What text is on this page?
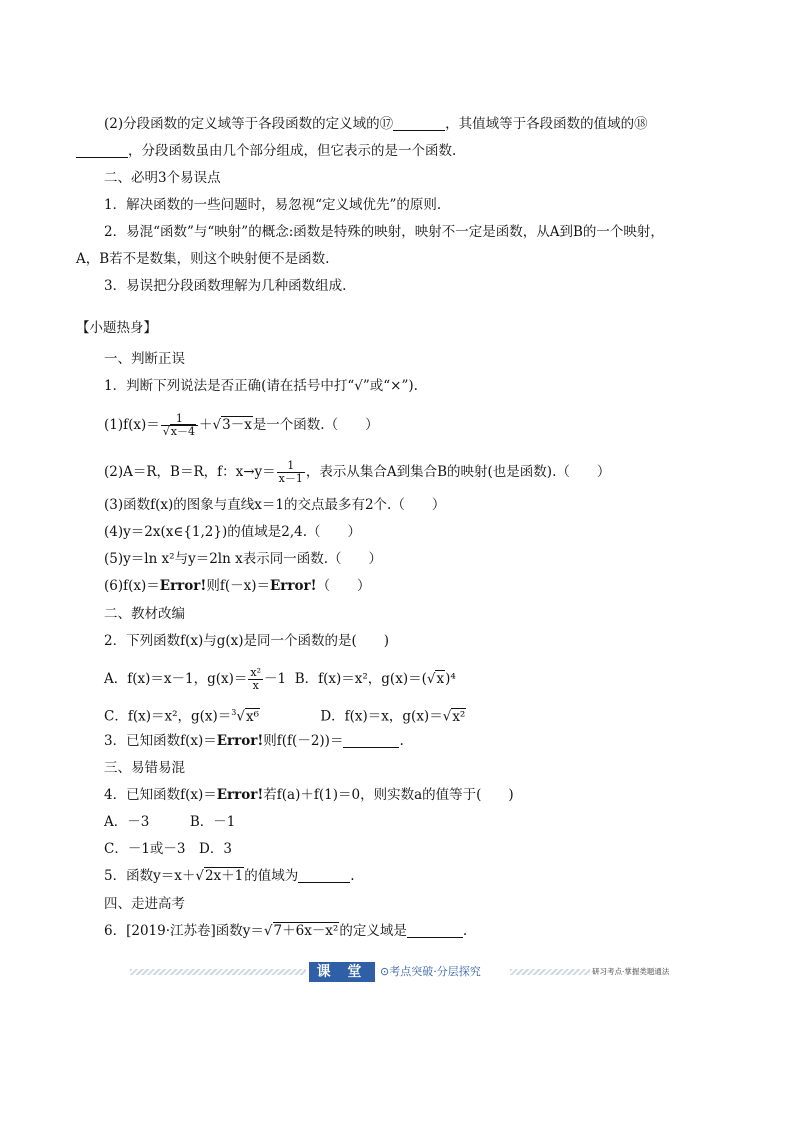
(2)分段函数的定义域等于各段函数的定义域的⑰	，其值域等于各段函数的值域的⑱
，分段函数虽由几个部分组成，但它表示的是一个函数.
二、必明3个易误点
1．解决函数的一些问题时，易忽视“定义域优先”的原则.
2．易混“函数”与“映射”的概念:函数是特殊的映射，映射不一定是函数，从A到B的一个映射，
A，B若不是数集，则这个映射便不是函数.
3．易误把分段函数理解为几种函数组成.
【小题热身】
一、判断正误
1．判断下列说法是否正确(请在括号中打“√”或“×”).
$(1)f(x)= \frac{1}{√x-4} +√3-x$是一个函数.（　　）
(2)A＝R，B＝R，f：$x\to y= \frac{1}{x-1}$ ，表示从集合A到集合B的映射(也是函数).（　　）
(3)函数f(x)的图象与直线x＝1的交点最多有2个.（　　）
(4)y＝2x(x∈{1,2})的值域是2,4.（　　）
(5)y＝ln x²与y＝2ln x表示同一函数.（　　）
(6)f(x)＝Error!则f(－x)＝Error!（　　）
二、教材改编
2．下列函数f(x)与g(x)是同一个函数的是(　　)
A．f(x)＝x－1，$g(x)= \frac{\text{x²}}{x} -1$ B．f(x)＝x²，g(x)＝(√x)⁴
C．f(x)＝x²，g(x)＝$^3$√x⁶	D．f(x)＝x，g(x)＝√x²
3．已知函数f(x)＝Error!则f(f(－2))＝	.
三、易错易混
4．已知函数f(x)＝Error!若f(a)＋f(1)＝0，则实数a的值等于(　　)
A．－3　　　B．－1
C．－1或－3　D．3
5．函数y＝x＋√2x＋1的值域为	.
四、走进高考
6．[2019·江苏卷]函数y＝√7＋6x－x²的定义域是	.
课 堂	⊙考点突破·分层探究	研习考点·掌握类题通法
